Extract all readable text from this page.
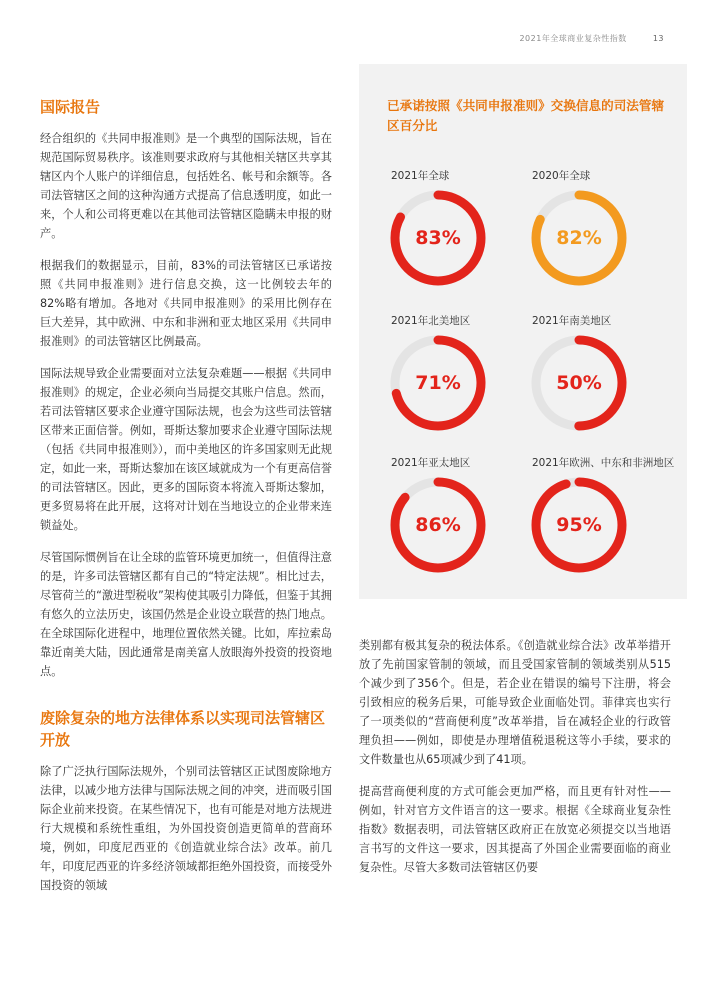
2021年全球商业复杂性指数	13
国际报告

经合组织的《共同申报准则》是一个典型的国际法规，旨在规范国际贸易秩序。该准则要求政府与其他相关辖区共享其辖区内个人账户的详细信息，包括姓名、帐号和余额等。各司法管辖区之间的这种沟通方式提高了信息透明度，如此一来，个人和公司将更难以在其他司法管辖区隐瞒未申报的财产。

根据我们的数据显示，目前，83%的司法管辖区已承诺按照《共同申报准则》进行信息交换，这一比例较去年的82%略有增加。各地对《共同申报准则》的采用比例存在巨大差异，其中欧洲、中东和非洲和亚太地区采用《共同申报准则》的司法管辖区比例最高。

国际法规导致企业需要面对立法复杂难题——根据《共同申报准则》的规定，企业必须向当局提交其账户信息。然而，若司法管辖区要求企业遵守国际法规，也会为这些司法管辖区带来正面信誉。例如，哥斯达黎加要求企业遵守国际法规（包括《共同申报准则》），而中美地区的许多国家则无此规定，如此一来，哥斯达黎加在该区域就成为一个有更高信誉的司法管辖区。因此，更多的国际资本将流入哥斯达黎加，更多贸易将在此开展，这将对计划在当地设立的企业带来连锁益处。

尽管国际惯例旨在让全球的监管环境更加统一，但值得注意的是，许多司法管辖区都有自己的“特定法规”。相比过去，尽管荷兰的“激进型税收”架构使其吸引力降低，但鉴于其拥有悠久的立法历史，该国仍然是企业设立联营的热门地点。在全球国际化进程中，地理位置依然关键。比如，库拉索岛靠近南美大陆，因此通常是南美富人放眼海外投资的投资地点。

废除复杂的地方法律体系以实现司法管辖区开放

除了广泛执行国际法规外，个别司法管辖区正试图废除地方法律，以减少地方法律与国际法规之间的冲突，进而吸引国际企业前来投资。在某些情况下，也有可能是对地方法规进行大规模和系统性重组，为外国投资创造更简单的营商环境，例如，印度尼西亚的《创造就业综合法》改革。前几年，印度尼西亚的许多经济领域都拒绝外国投资，而接受外国投资的领域

已承诺按照《共同申报准则》交换信息的司法管辖区百分比
2021年全球
83%
2020年全球
82%
2021年北美地区
71%
2021年南美地区
50%
2021年亚太地区
86%
2021年欧洲、中东和非洲地区
95%

类别都有极其复杂的税法体系。《创造就业综合法》改革举措开放了先前国家管制的领域，而且受国家管制的领域类别从515个减少到了356个。但是，若企业在错误的编号下注册，将会引致相应的税务后果，可能导致企业面临处罚。菲律宾也实行了一项类似的“营商便利度”改革举措，旨在减轻企业的行政管理负担——例如，即使是办理增值税退税这等小手续，要求的文件数量也从65项减少到了41项。

提高营商便利度的方式可能会更加严格，而且更有针对性——例如，针对官方文件语言的这一要求。根据《全球商业复杂性指数》数据表明，司法管辖区政府正在放宽必须提交以当地语言书写的文件这一要求，因其提高了外国企业需要面临的商业复杂性。尽管大多数司法管辖区仍要
